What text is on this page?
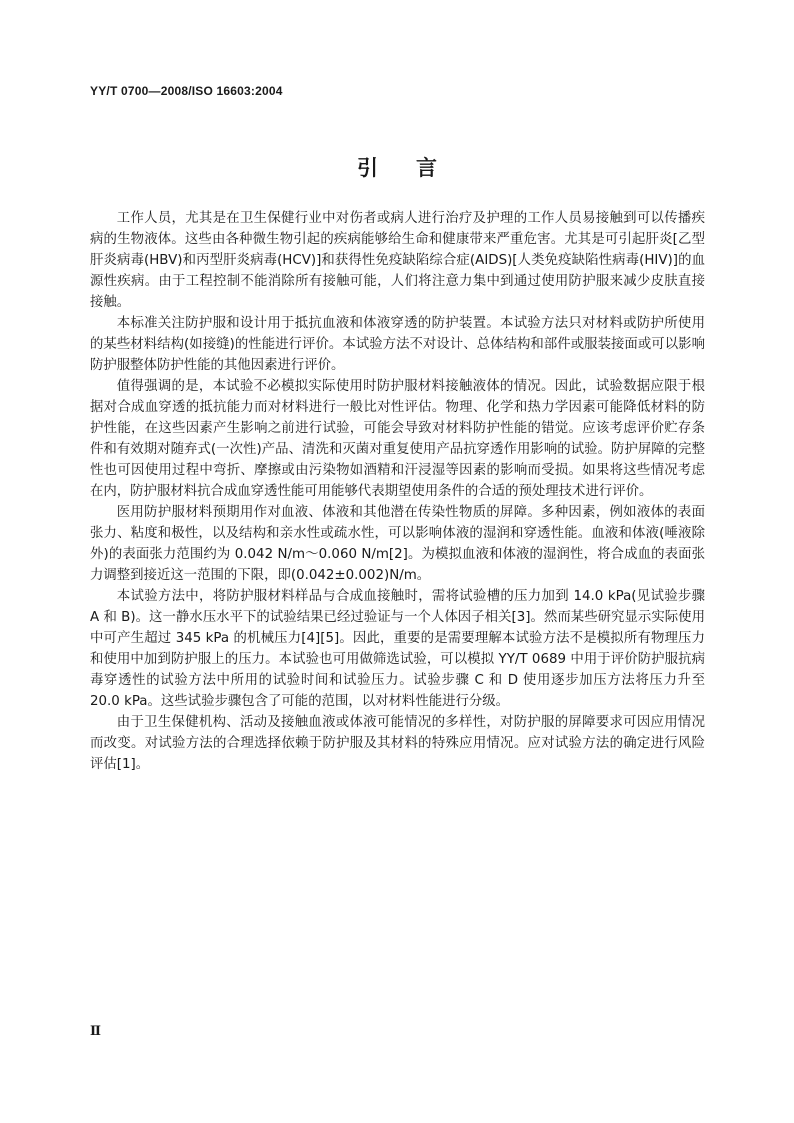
YY/T 0700—2008/ISO 16603:2004
引言

工作人员，尤其是在卫生保健行业中对伤者或病人进行治疗及护理的工作人员易接触到可以传播疾病的生物液体。这些由各种微生物引起的疾病能够给生命和健康带来严重危害。尤其是可引起肝炎[乙型肝炎病毒(HBV)和丙型肝炎病毒(HCV)]和获得性免疫缺陷综合症(AIDS)[人类免疫缺陷性病毒(HIV)]的血源性疾病。由于工程控制不能消除所有接触可能，人们将注意力集中到通过使用防护服来减少皮肤直接接触。

本标准关注防护服和设计用于抵抗血液和体液穿透的防护装置。本试验方法只对材料或防护所使用的某些材料结构(如接缝)的性能进行评价。本试验方法不对设计、总体结构和部件或服装接面或可以影响防护服整体防护性能的其他因素进行评价。

值得强调的是，本试验不必模拟实际使用时防护服材料接触液体的情况。因此，试验数据应限于根据对合成血穿透的抵抗能力而对材料进行一般比对性评估。物理、化学和热力学因素可能降低材料的防护性能，在这些因素产生影响之前进行试验，可能会导致对材料防护性能的错觉。应该考虑评价贮存条件和有效期对随弃式(一次性)产品、清洗和灭菌对重复使用产品抗穿透作用影响的试验。防护屏障的完整性也可因使用过程中弯折、摩擦或由污染物如酒精和汗浸湿等因素的影响而受损。如果将这些情况考虑在内，防护服材料抗合成血穿透性能可用能够代表期望使用条件的合适的预处理技术进行评价。

医用防护服材料预期用作对血液、体液和其他潜在传染性物质的屏障。多种因素，例如液体的表面张力、粘度和极性，以及结构和亲水性或疏水性，可以影响体液的湿润和穿透性能。血液和体液(唾液除外)的表面张力范围约为 0.042 N/m～0.060 N/m[2]。为模拟血液和体液的湿润性，将合成血的表面张力调整到接近这一范围的下限，即(0.042±0.002)N/m。

本试验方法中，将防护服材料样品与合成血接触时，需将试验槽的压力加到 14.0 kPa(见试验步骤 A 和 B)。这一静水压水平下的试验结果已经过验证与一个人体因子相关[3]。然而某些研究显示实际使用中可产生超过 345 kPa 的机械压力[4][5]。因此，重要的是需要理解本试验方法不是模拟所有物理压力和使用中加到防护服上的压力。本试验也可用做筛选试验，可以模拟 YY/T 0689 中用于评价防护服抗病毒穿透性的试验方法中所用的试验时间和试验压力。试验步骤 C 和 D 使用逐步加压方法将压力升至 20.0 kPa。这些试验步骤包含了可能的范围，以对材料性能进行分级。

由于卫生保健机构、活动及接触血液或体液可能情况的多样性，对防护服的屏障要求可因应用情况而改变。对试验方法的合理选择依赖于防护服及其材料的特殊应用情况。应对试验方法的确定进行风险评估[1]。

Ⅱ
